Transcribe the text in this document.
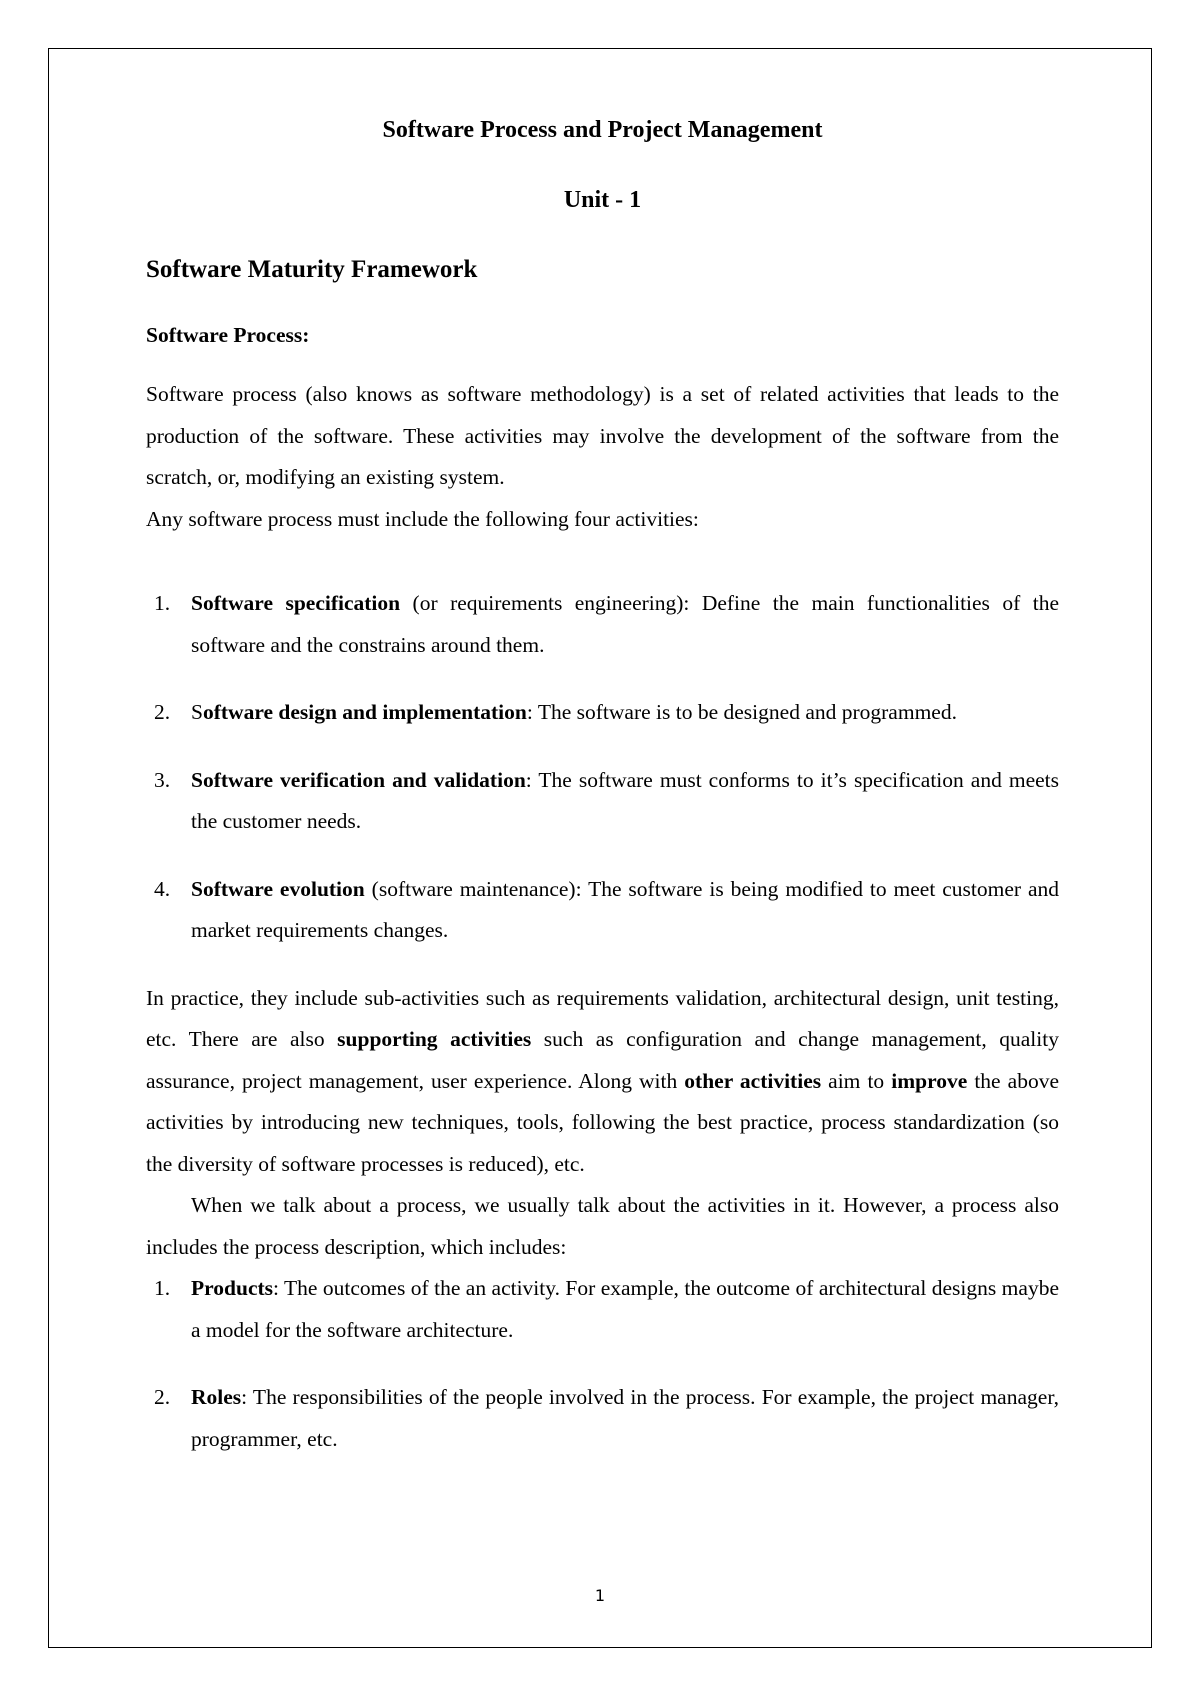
Software Process and Project Management

Unit - 1

Software Maturity Framework

Software Process:

Software process (also knows as software methodology) is a set of related activities that leads to the production of the software. These activities may involve the development of the software from the scratch, or, modifying an existing system.

Any software process must include the following four activities:

1. Software specification (or requirements engineering): Define the main functionalities of the software and the constrains around them.
2. Software design and implementation: The software is to be designed and programmed.
3. Software verification and validation: The software must conforms to it’s specification and meets the customer needs.
4. Software evolution (software maintenance): The software is being modified to meet customer and market requirements changes.

In practice, they include sub-activities such as requirements validation, architectural design, unit testing, etc. There are also supporting activities such as configuration and change management, quality assurance, project management, user experience. Along with other activities aim to improve the above activities by introducing new techniques, tools, following the best practice, process standardization (so the diversity of software processes is reduced), etc.

When we talk about a process, we usually talk about the activities in it. However, a process also includes the process description, which includes:

1. Products: The outcomes of the an activity. For example, the outcome of architectural designs maybe a model for the software architecture.
2. Roles: The responsibilities of the people involved in the process. For example, the project manager, programmer, etc.
1
